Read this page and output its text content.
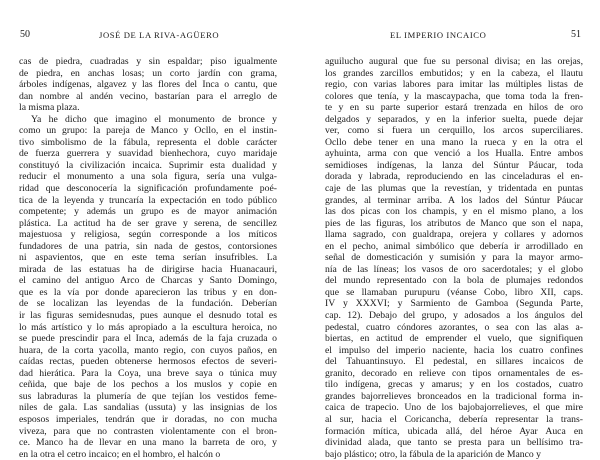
50	JOSÉ DE LA RIVA-AGÜERO
cas de piedra, cuadradas y sin espaldar; piso igualmente
de piedra, en anchas losas; un corto jardín con grama,
árboles indígenas, algavez y las flores del Inca o cantu, que
dan nombre al andén vecino, bastarían para el arreglo de
la misma plaza.
Ya he dicho que imagino el monumento de bronce y
como un grupo: la pareja de Manco y Ocllo, en el instin-
tivo simbolismo de la fábula, representa el doble carácter
de fuerza guerrera y suavidad bienhechora, cuyo maridaje
constituyó la civilización incaica. Suprimir esta dualidad y
reducir el monumento a una sola figura, sería una vulga-
ridad que desconocería la significación profundamente poé-
tica de la leyenda y truncaría la expectación en todo público
competente; y además un grupo es de mayor animación
plástica. La actitud ha de ser grave y serena, de sencillez
majestuosa y religiosa, según corresponde a los míticos
fundadores de una patria, sin nada de gestos, contorsiones
ni aspavientos, que en este tema serían insufribles. La
mirada de las estatuas ha de dirigirse hacia Huanacauri,
el camino del antiguo Arco de Charcas y Santo Domingo,
que es la vía por donde aparecieron las tribus y en don-
de se localizan las leyendas de la fundación. Deberían
ir las figuras semidesnudas, pues aunque el desnudo total es
lo más artístico y lo más apropiado a la escultura heroica, no
se puede prescindir para el Inca, además de la faja cruzada o
huara, de la corta yacolla, manto regio, con cuyos paños, en
caídas rectas, pueden obtenerse hermosos efectos de severi-
dad hierática. Para la Coya, una breve saya o túnica muy
ceñida, que baje de los pechos a los muslos y copie en
sus labraduras la plumería de que tejían los vestidos feme-
niles de gala. Las sandalias (ussuta) y las insignias de los
esposos imperiales, tendrán que ir doradas, no con mucha
viveza, para que no contrasten violentamente con el bron-
ce. Manco ha de llevar en una mano la barreta de oro, y
en la otra el cetro incaico; en el hombro, el halcón o
EL IMPERIO INCAICO	51
aguilucho augural que fue su personal divisa; en las orejas,
los grandes zarcillos embutidos; y en la cabeza, el llautu
regio, con varias labores para imitar las múltiples listas de
colores que tenía, y la mascaypacha, que toma toda la fren-
te y en su parte superior estará trenzada en hilos de oro
delgados y separados, y en la inferior suelta, puede dejar
ver, como si fuera un cerquillo, los arcos superciliares.
Ocllo debe tener en una mano la rueca y en la otra el
ayhuinta, arma con que venció a los Hualla. Entre ambos
semidioses indígenas, la lanza del Súntur Páucar, toda
dorada y labrada, reproduciendo en las cinceladuras el en-
caje de las plumas que la revestían, y tridentada en puntas
grandes, al terminar arriba. A los lados del Súntur Páucar
las dos picas con los champis, y en el mismo plano, a los
pies de las figuras, los atributos de Manco que son el napa,
llama sagrado, con gualdrapa, orejera y collares y adornos
en el pecho, animal simbólico que debería ir arrodillado en
señal de domesticación y sumisión y para la mayor armo-
nía de las líneas; los vasos de oro sacerdotales; y el globo
del mundo representado con la bola de plumajes redondos
que se llamaban purupuru (véanse Cobo, libro XII, caps.
IV y XXXVI; y Sarmiento de Gamboa (Segunda Parte,
cap. 12). Debajo del grupo, y adosados a los ángulos del
pedestal, cuatro cóndores azorantes, o sea con las alas a-
biertas, en actitud de emprender el vuelo, que signifiquen
el impulso del imperio naciente, hacia los cuatro confines
del Tahuantinsuyo. El pedestal, en sillares incaicos de
granito, decorado en relieve con tipos ornamentales de es-
tilo indígena, grecas y amarus; y en los costados, cuatro
grandes bajorrelieves bronceados en la tradicional forma in-
caica de trapecio. Uno de los bajobajorrelieves, el que mire
al sur, hacia el Coricancha, debería representar la trans-
formación mítica, ubicada allá, del héroe Ayar Auca en
divinidad alada, que tanto se presta para un bellísimo tra-
bajo plástico; otro, la fábula de la aparición de Manco y
